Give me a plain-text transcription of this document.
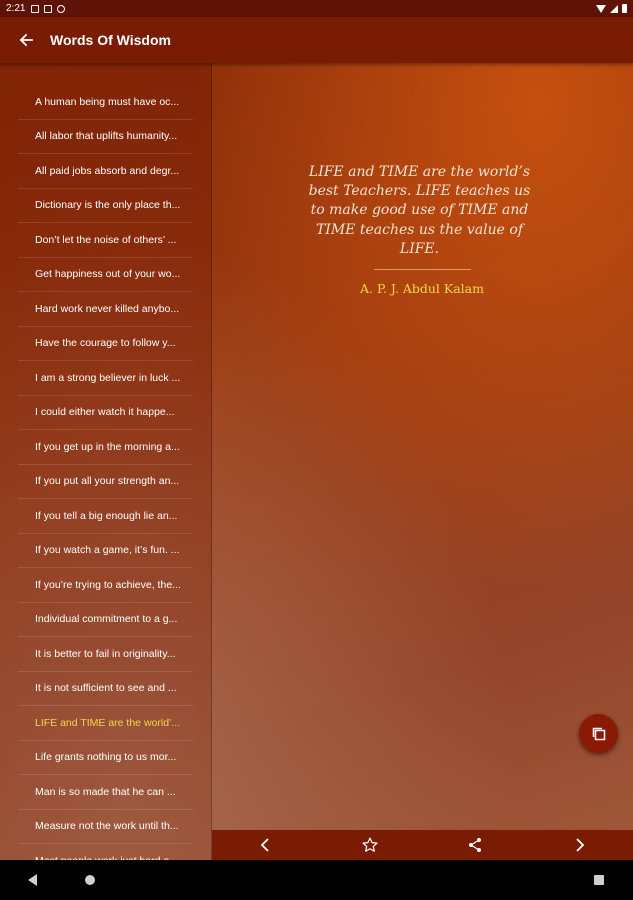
2:21
Words Of Wisdom
A human being must have oc...
All labor that uplifts humanity...
All paid jobs absorb and degr...
Dictionary is the only place th...
Don’t let the noise of others’ ...
Get happiness out of your wo...
Hard work never killed anybo...
Have the courage to follow y...
I am a strong believer in luck ...
I could either watch it happe...
If you get up in the morning a...
If you put all your strength an...
If you tell a big enough lie an...
If you watch a game, it’s fun. ...
If you’re trying to achieve, the...
Individual commitment to a g...
It is better to fail in originality...
It is not sufficient to see and ...
LIFE and TIME are the world’...
Life grants nothing to us mor...
Man is so made that he can ...
Measure not the work until th...

LIFE and TIME are the world’s best Teachers. LIFE teaches us to make good use of TIME and TIME teaches us the value of LIFE.

A. P. J. Abdul Kalam
